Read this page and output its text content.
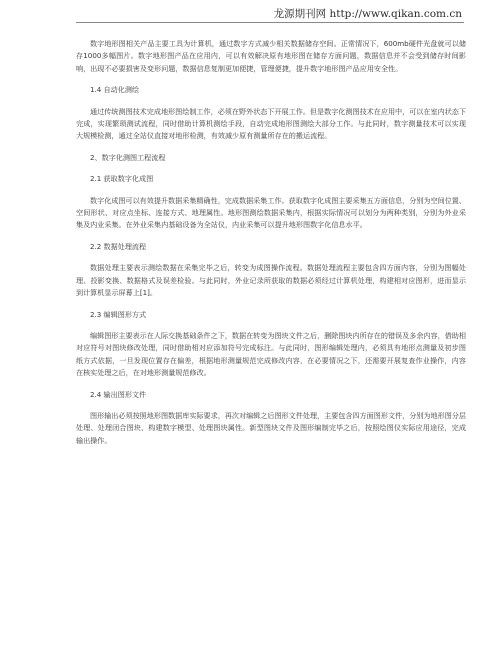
龙源期刊网 http://www.qikan.com.cn

数字地形图相关产品主要工具为计算机，通过数字方式减少相关数据储存空间。正常情况下，600mb硬件光盘就可以储存1000多幅图片。数字地形图产品在应用内，可以有效解决原有地形图在储存方面问题，数据信息并不会受到储存时间影响，出现不必要损害及变形问题，数据信息复制更加便捷，管理便捷，提升数字地形图产品应用安全性。

1.4 自动化测绘

通过传统测图技术完成地形图绘制工作，必须在野外状态下开展工作。但是数字化测图技术在应用中，可以在室内状态下完成，实现繁琐测试流程，同时借助计算机测绘手段，自动完成地形图测绘大部分工作。与此同时，数字测量技术可以实现大规模检测，通过全站仪直接对地形检测，有效减少原有测量所存在的搬运流程。

2、数字化测图工程流程

2.1 获取数字化成图

数字化成图可以有效提升数据采集精确性，完成数据采集工作。获取数字化成图主要采集五方面信息，分别为空间位置、空间形状、对应点坐标、连接方式、地理属性。地形图测绘数据采集内，根据实际情况可以划分为两种类别，分别为外业采集及内业采集。在外业采集内基础设备为全站仪，内业采集可以提升地形图数字化信息水平。

2.2 数据处理流程

数据处理主要表示测绘数据在采集完毕之后，转变为成图操作流程。数据处理流程主要包含四方面内容，分别为图幅处理、投影变换、数据格式及误差检验。与此同时，外业记录所获取的数据必须经过计算机处理，构建相对应图形，进而显示到计算机显示屏幕上[1]。

2.3 编辑图形方式

编辑图形主要表示在人际交换基础条件之下，数据在转变为图块文件之后，删除图块内所存在的错误及多余内容，借助相对应符号对图块修改处理，同时借助相对应添加符号完成标注。与此同时，图形编辑处理内，必须具有地形点测量及初步图纸方式依据，一旦发现位置存在偏差，根据地形测量规范完成修改内容，在必要情况之下，还需要开展复查作业操作，内容在核实处理之后，在对地形测量规范修改。

2.4 输出图形文件

图形输出必须按照地形图数据库实际要求，再次对编辑之后图形文件处理，主要包含四方面图形文件，分别为地形图分层处理、处理闭合图块、构建数字模型、处理图块属性。新型图块文件及图形编制完毕之后，按照绘图仪实际应用途径，完成输出操作。
